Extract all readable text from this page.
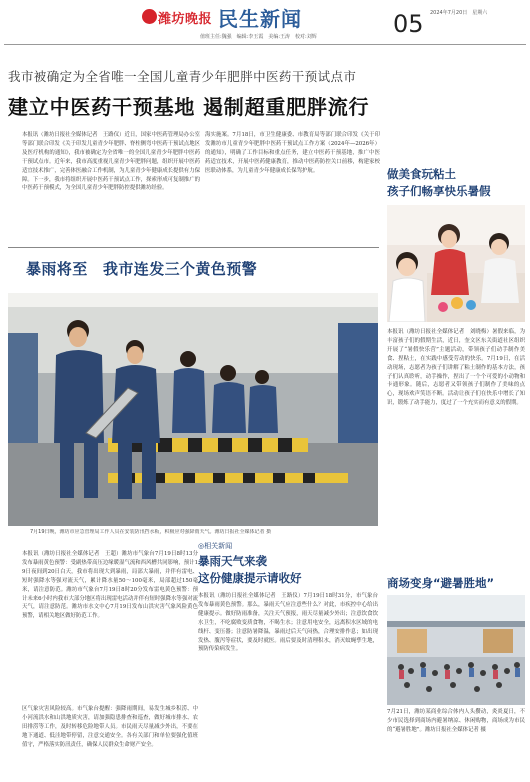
潍坊晚报 民生新闻	05	2024年7月20日　星期六
值班主任:魏强　编辑:李玉霞　美编:王涛　校对:刘辉
我市被确定为全省唯一全国儿童青少年肥胖中医药干预试点市
建立中医药干预基地 遏制超重肥胖流行
本报讯（潍坊日报社全媒体记者　王路仪）近日，国家中医药管理局办公室等部门联合印发《关于印发儿童青少年肥胖、脊柱侧弯中医药干预试点地区及医疗机构的通知》，我市被确定为全省唯一的全国儿童青少年肥胖中医药干预试点市。近年来，我市高度重视儿童青少年肥胖问题，组织开展中医药适宜技术推广，完善体医融合工作机制，为儿童青少年健康成长提供有力保障。下一步，我市将组织开展中医药干预试点工作，探索形成可复制推广的中医药干预模式，为全国儿童青少年肥胖防控提供潍坊经验。
海实施案。7月18日，市卫生健康委、市教育局等部门联合印发《关于印发潍坊市儿童青少年肥胖中医药干预试点工作方案（2024年—2026年）的通知》，明确了工作目标和重点任务，建立中医药干预基地，推广中医药适宜技术，开展中医药健康教育，推动中医药防控关口前移，构建家校医联动体系，为儿童青少年健康成长保驾护航。	做美食玩粘土
孩子们畅享快乐暑假
本报讯（潍坊日报社全媒体记者　刘晓梅）暑假来临，为丰富孩子们的假期生活，近日，奎文区东关街道社区组织开展了“暑假快乐营”主题活动，带领孩子们动手制作美食、捏粘土，在实践中感受劳动的快乐。7月19日，在活动现场，志愿者为孩子们讲解了粘土制作的基本方法，孩子们认真聆听，动手操作，捏出了一个个可爱的小动物和卡通形象。随后，志愿者又带领孩子们制作了美味的点心，现场欢声笑语不断。活动让孩子们在快乐中增长了知识，锻炼了动手能力，度过了一个充实而有意义的假期。
暴雨将至　我市连发三个黄色预警
7月19日晚，潍坊市应急管理局工作人员在安装防汛挡水板，积极应对强降雨天气。潍坊日报社全媒体记者 摄
本报讯（潍坊日报社全媒体记者　王超）潍坊市气象台7月19日8时13分发布暴雨黄色预警：受副热带高压边缘暖湿气流和西风槽共同影响，预计19日夜间到20日白天，我市将出现大到暴雨，局部大暴雨，并伴有雷电、短时强降水等强对流天气，累计降水量50～100毫米，局部超过150毫米，请注意防范。潍坊市气象台7月19日8时20分发布雷电黄色预警：预计未来6小时内我市大部分地区将出现雷电活动并伴有短时强降水等强对流天气，请注意防范。潍坊市水文中心7月19日发布山洪灾害气象风险黄色预警，请相关地区做好防范工作。
区气象灾害风险较高。市气象台提醒：强降雨期间，易发生城乡积涝、中小河流洪水和山洪地质灾害，请加强隐患排查和巡查，做好城市排水、农田排涝等工作，及时转移危险地带人员。市民雨天尽量减少外出，不要在地下通道、低洼地带停留，注意交通安全。各有关部门和单位要强化值班值守，严格落实防汛责任，确保人民群众生命财产安全。
◎相关新闻
暴雨天气来袭
这份健康提示请收好
本报讯（潍坊日报社全媒体记者　王路仪）7月19日18时31分，市气象台发布暴雨黄色预警。那么，暴雨天气应注意些什么？对此，市疾控中心给出健康提示。做好防雨准备，关注天气预报，雨天尽量减少外出；注意饮食饮水卫生，不吃腐败变质食物，不喝生水；注意用电安全，远离积水区域的电线杆、变压器；注意防暑降温，暴雨过后天气闷热，合理安排作息；如出现发热、腹泻等症状，要及时就医。雨后要及时清理积水，消灭蚊蝇孳生地，预防传染病发生。
商场变身“避暑胜地”
7月21日，潍坊某商业综合体内人头攒动，炎炎夏日，不少市民选择到商场内避暑纳凉、休闲购物，商场成为市民的“避暑胜地”。潍坊日报社全媒体记者 摄
